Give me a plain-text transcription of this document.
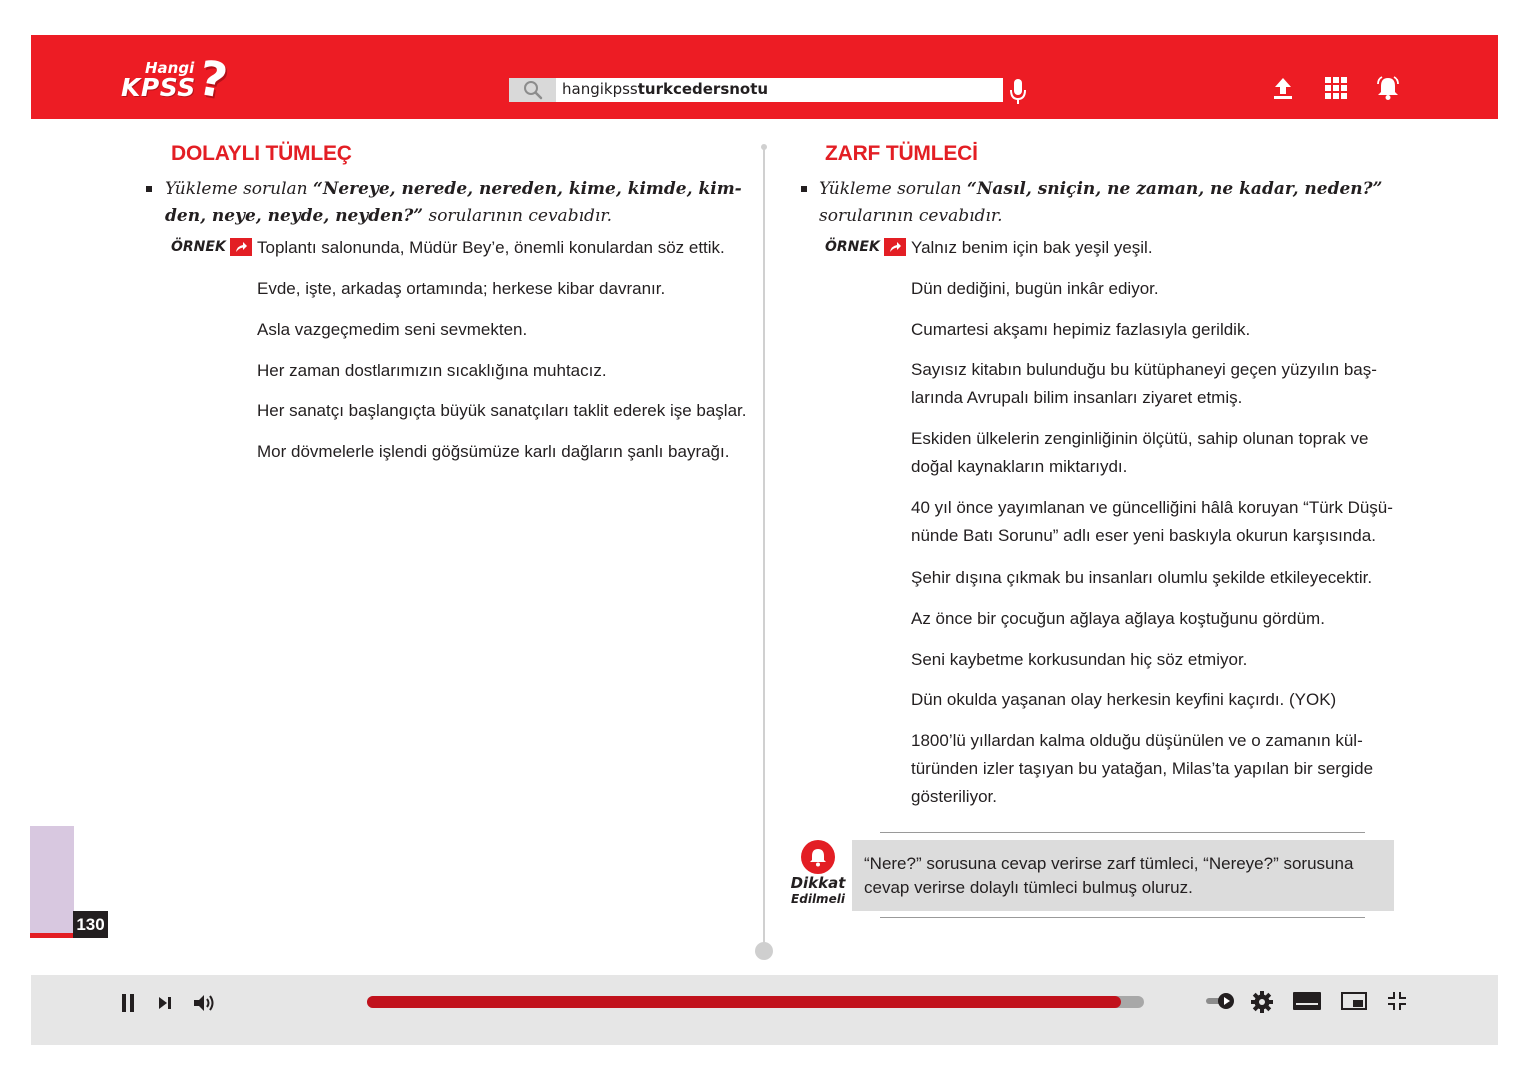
Hangi
KPSS
?	hangikpssturkcedersnotu
DOLAYLI TÜMLEÇ
Yükleme sorulan “Nereye, nerede, nereden, kime, kimde, kim-
den, neye, neyde, neyden?” sorularının cevabıdır.
ÖRNEK Toplantı salonunda, Müdür Bey’e, önemli konulardan söz ettik.
Evde, işte, arkadaş ortamında; herkese kibar davranır.
Asla vazgeçmedim seni sevmekten.
Her zaman dostlarımızın sıcaklığına muhtacız.
Her sanatçı başlangıçta büyük sanatçıları taklit ederek işe başlar.
Mor dövmelerle işlendi göğsümüze karlı dağların şanlı bayrağı.
130
ZARF TÜMLECİ
Yükleme sorulan “Nasıl, sniçin, ne zaman, ne kadar, neden?”
sorularının cevabıdır.
ÖRNEK Yalnız benim için bak yeşil yeşil.
Dün dediğini, bugün inkâr ediyor.
Cumartesi akşamı hepimiz fazlasıyla gerildik.
Sayısız kitabın bulunduğu bu kütüphaneyi geçen yüzyılın baş-
larında Avrupalı bilim insanları ziyaret etmiş.
Eskiden ülkelerin zenginliğinin ölçütü, sahip olunan toprak ve
doğal kaynakların miktarıydı.
40 yıl önce yayımlanan ve güncelliğini hâlâ koruyan “Türk Düşü-
nünde Batı Sorunu” adlı eser yeni baskıyla okurun karşısında.
Şehir dışına çıkmak bu insanları olumlu şekilde etkileyecektir.
Az önce bir çocuğun ağlaya ağlaya koştuğunu gördüm.
Seni kaybetme korkusundan hiç söz etmiyor.
Dün okulda yaşanan olay herkesin keyfini kaçırdı. (YOK)
1800’lü yıllardan kalma olduğu düşünülen ve o zamanın kül-
türünden izler taşıyan bu yatağan, Milas’ta yapılan bir sergide
gösteriliyor.
Dikkat
Edilmeli
“Nere?” sorusuna cevap verirse zarf tümleci, “Nereye?” sorusuna
cevap verirse dolaylı tümleci bulmuş oluruz.
